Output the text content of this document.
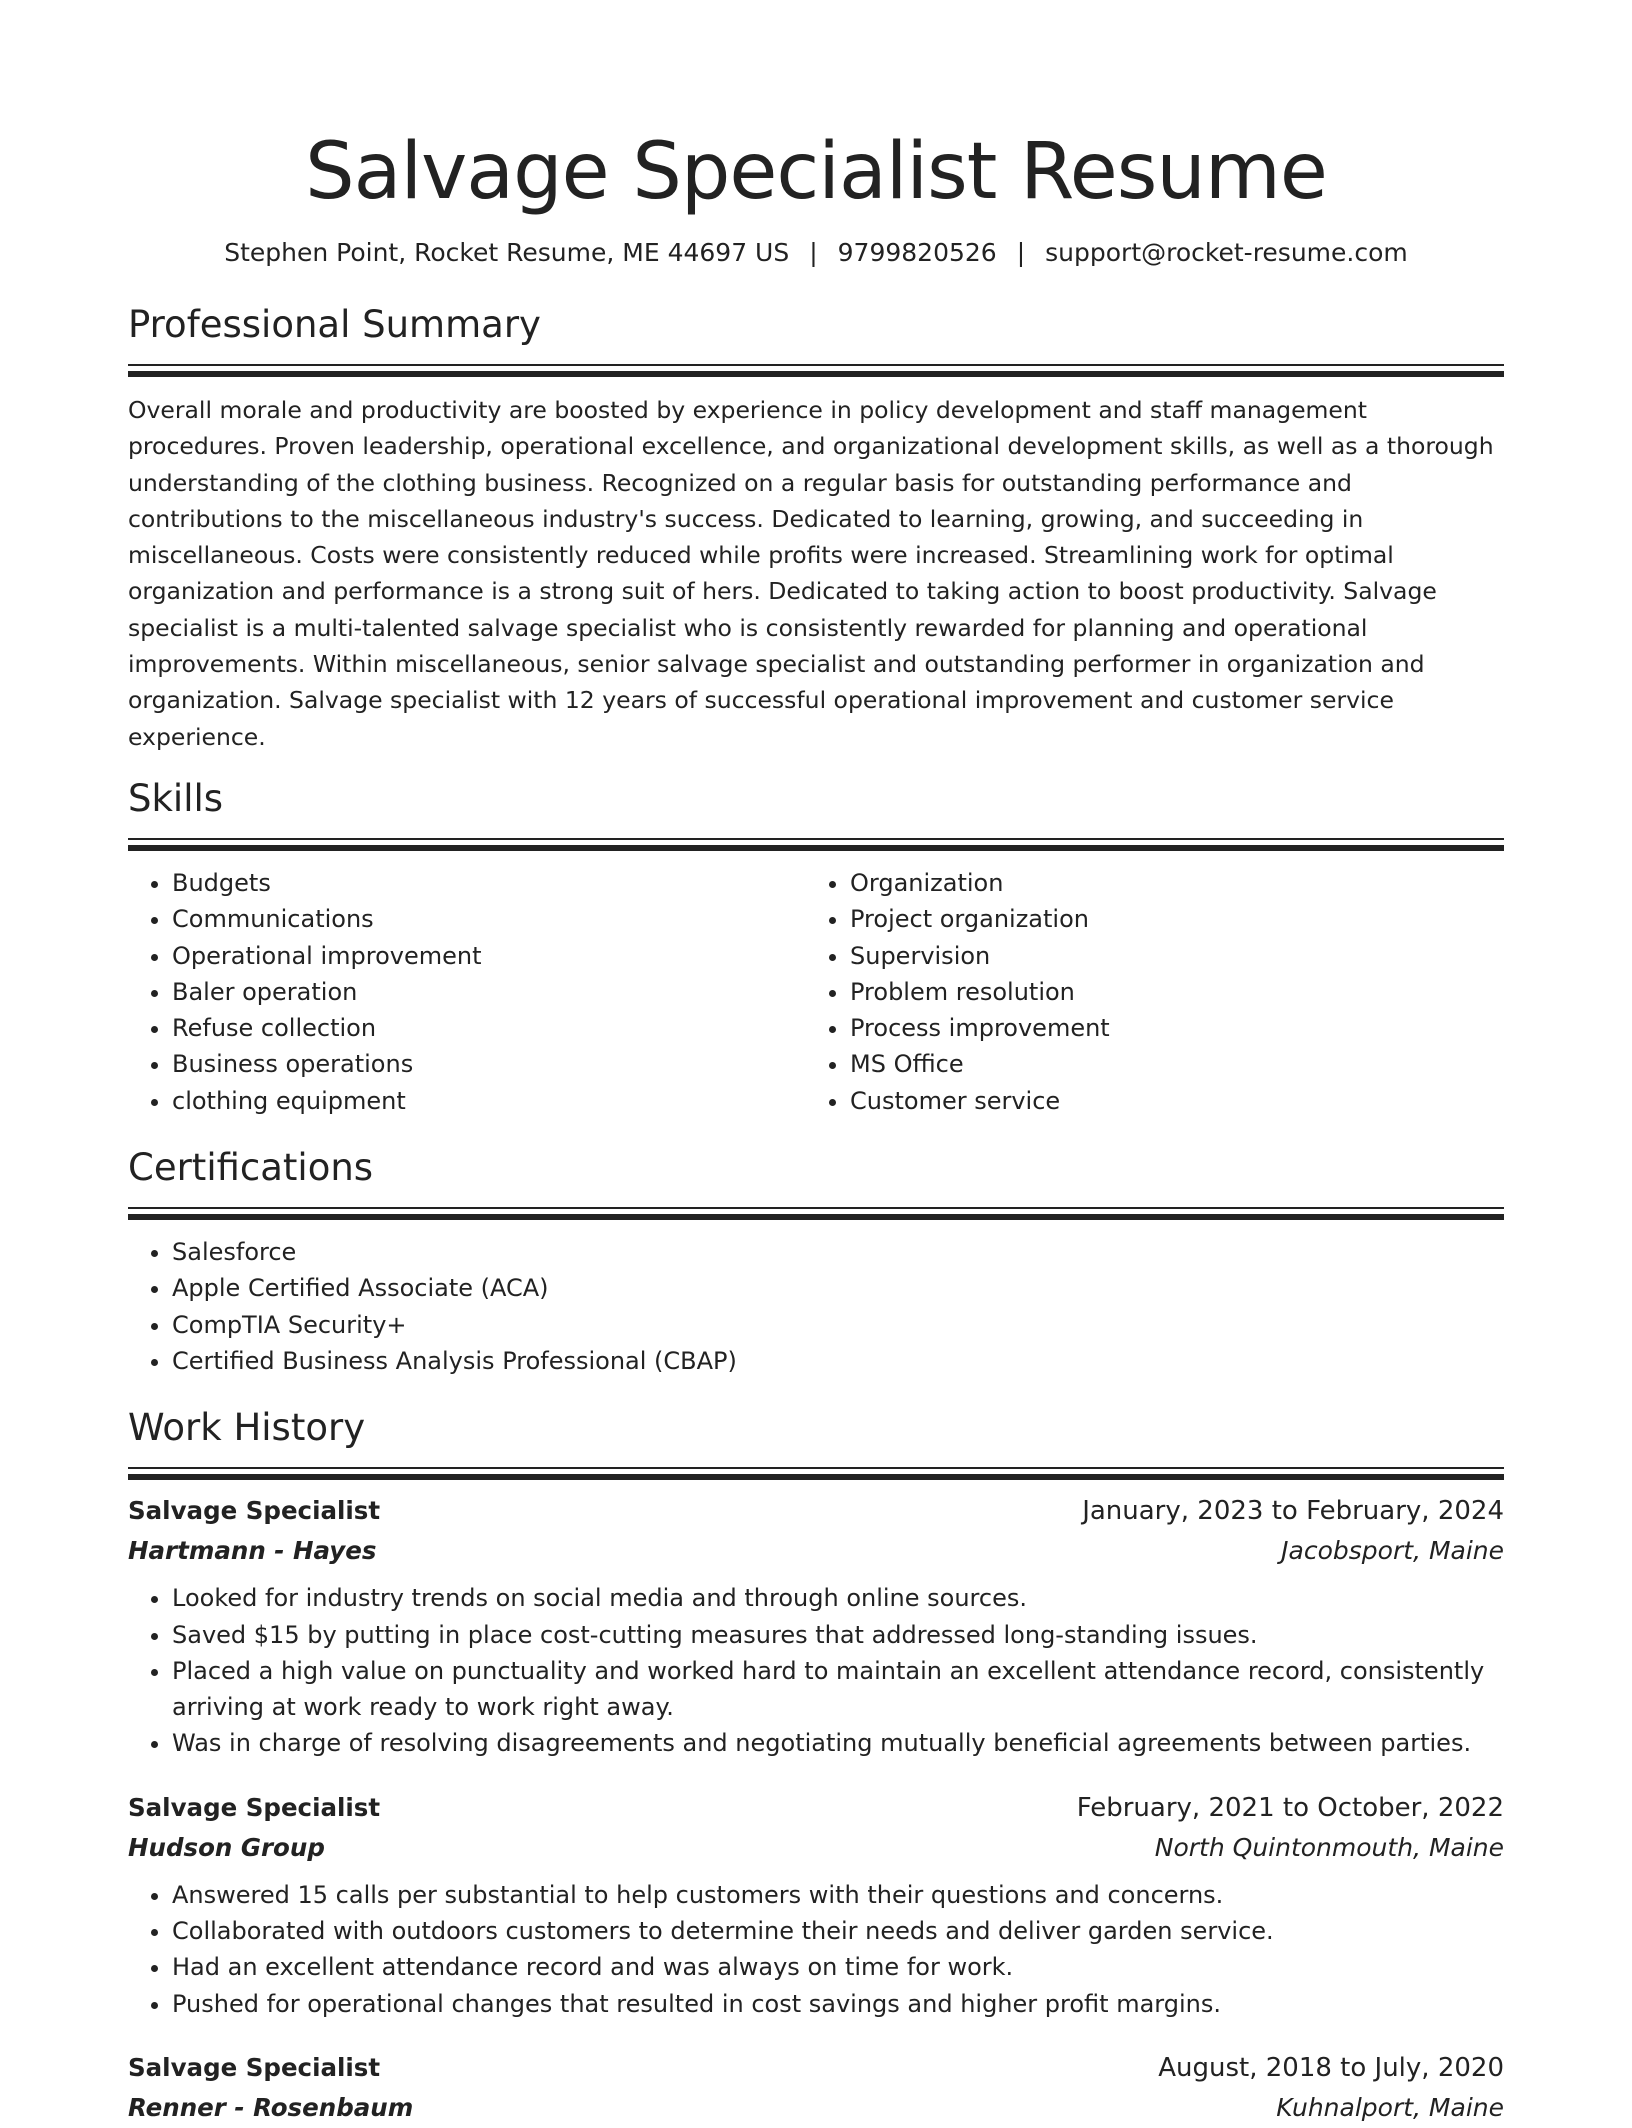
Salvage Specialist Resume
Stephen Point, Rocket Resume, ME 44697 US | 9799820526 | support@rocket-resume.com
Professional Summary
Overall morale and productivity are boosted by experience in policy development and staff management procedures. Proven leadership, operational excellence, and organizational development skills, as well as a thorough understanding of the clothing business. Recognized on a regular basis for outstanding performance and contributions to the miscellaneous industry's success. Dedicated to learning, growing, and succeeding in miscellaneous. Costs were consistently reduced while profits were increased. Streamlining work for optimal organization and performance is a strong suit of hers. Dedicated to taking action to boost productivity. Salvage specialist is a multi-talented salvage specialist who is consistently rewarded for planning and operational improvements. Within miscellaneous, senior salvage specialist and outstanding performer in organization and organization. Salvage specialist with 12 years of successful operational improvement and customer service experience.
Skills
• Budgets
• Communications
• Operational improvement
• Baler operation
• Refuse collection
• Business operations
• clothing equipment
• Organization
• Project organization
• Supervision
• Problem resolution
• Process improvement
• MS Office
• Customer service
Certifications
• Salesforce
• Apple Certified Associate (ACA)
• CompTIA Security+
• Certified Business Analysis Professional (CBAP)
Work History
Salvage Specialist	January, 2023 to February, 2024
Hartmann - Hayes	Jacobsport, Maine
• Looked for industry trends on social media and through online sources.
• Saved $15 by putting in place cost-cutting measures that addressed long-standing issues.
• Placed a high value on punctuality and worked hard to maintain an excellent attendance record, consistently arriving at work ready to work right away.
• Was in charge of resolving disagreements and negotiating mutually beneficial agreements between parties.
Salvage Specialist	February, 2021 to October, 2022
Hudson Group	North Quintonmouth, Maine
• Answered 15 calls per substantial to help customers with their questions and concerns.
• Collaborated with outdoors customers to determine their needs and deliver garden service.
• Had an excellent attendance record and was always on time for work.
• Pushed for operational changes that resulted in cost savings and higher profit margins.
Salvage Specialist	August, 2018 to July, 2020
Renner - Rosenbaum	Kuhnalport, Maine
